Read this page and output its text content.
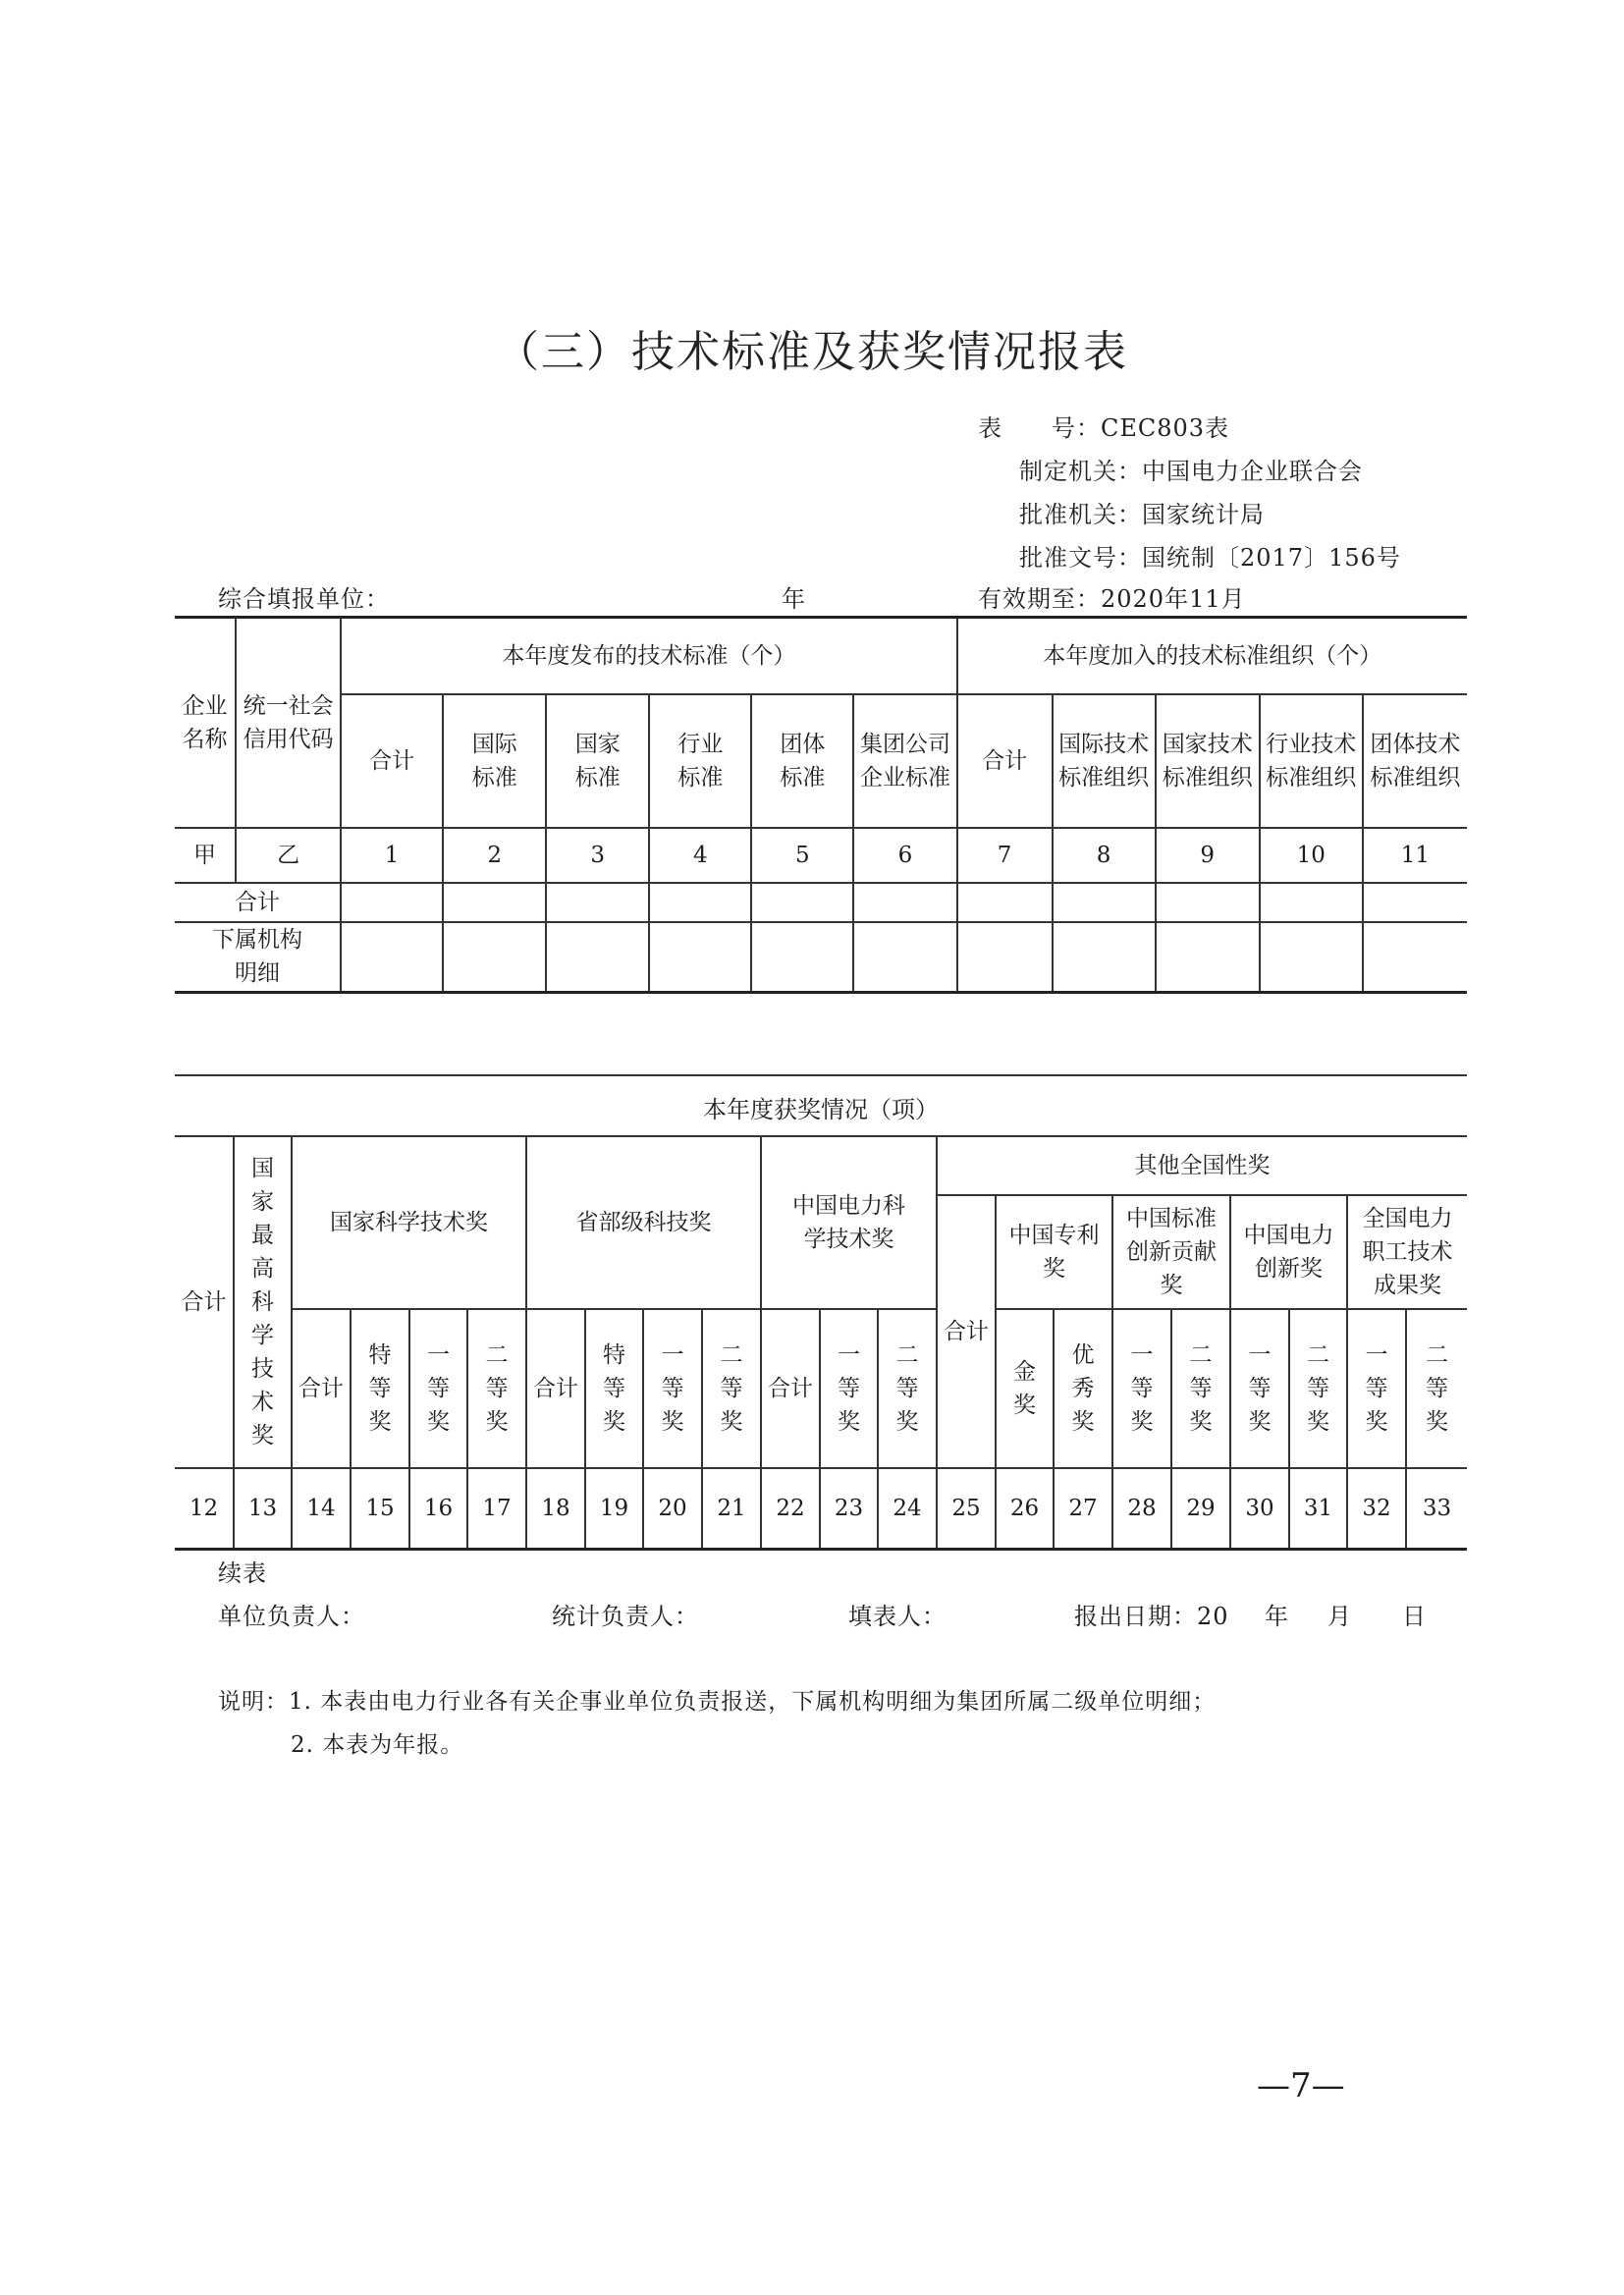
（三）技术标准及获奖情况报表
表　　号：CEC803表
制定机关：中国电力企业联合会
批准机关：国家统计局
批准文号：国统制〔2017〕156号
综合填报单位：	年	有效期至：2020年11月
企业名称	统一社会信用代码	本年度发布的技术标准（个）						本年度加入的技术标准组织（个）				
		合计	国际标准	国家标准	行业标准	团体标准	集团公司企业标准	合计	国际技术标准组织	国家技术标准组织	行业技术标准组织	团体技术标准组织

甲	乙	1	2	3	4	5	6	7	8	9	10	11
合计												

下属机构明细												

本年度获奖情况（项）
合计	国家最高科学技术奖	国家科学技术奖				省部级科技奖				中国电力科学技术奖			其他全国性奖								
													合计	中国专利奖		中国标准创新贡献奖		中国电力创新奖		全国电力职工技术成果奖	

		合计	特等奖	一等奖	二等奖	合计	特等奖	一等奖	二等奖	合计	一等奖	二等奖		金奖	优秀奖	一等奖	二等奖	一等奖	二等奖	一等奖	二等奖

12	13	14	15	16	17	18	19	20	21	22	23	24	25	26	27	28	29	30	31	32	33
续表
单位负责人：	统计负责人：	填表人：	报出日期：20 年 月 日
说明：1. 本表由电力行业各有关企事业单位负责报送，下属机构明细为集团所属二级单位明细；
2. 本表为年报。
—7—
